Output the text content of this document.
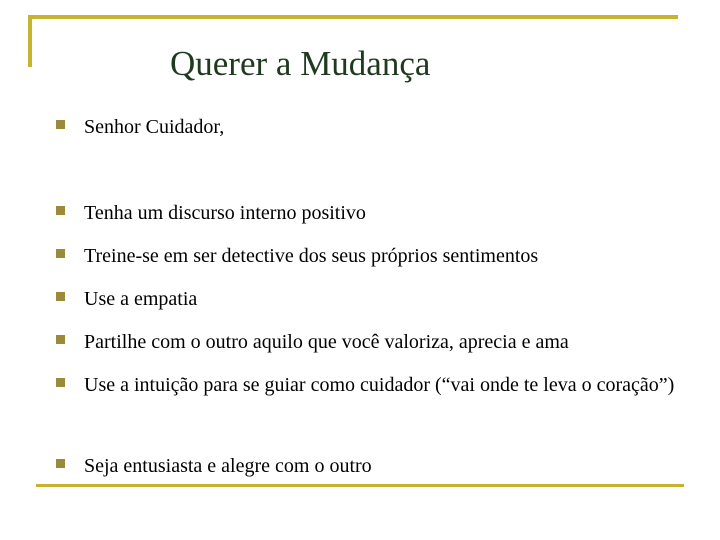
Querer a Mudança
Senhor Cuidador,
Tenha um discurso interno positivo
Treine-se em ser detective dos seus próprios sentimentos
Use a empatia
Partilhe com o outro aquilo que você valoriza, aprecia e ama
Use a intuição para se guiar como cuidador (“vai onde te leva o coração”)
Seja entusiasta e alegre com o outro
